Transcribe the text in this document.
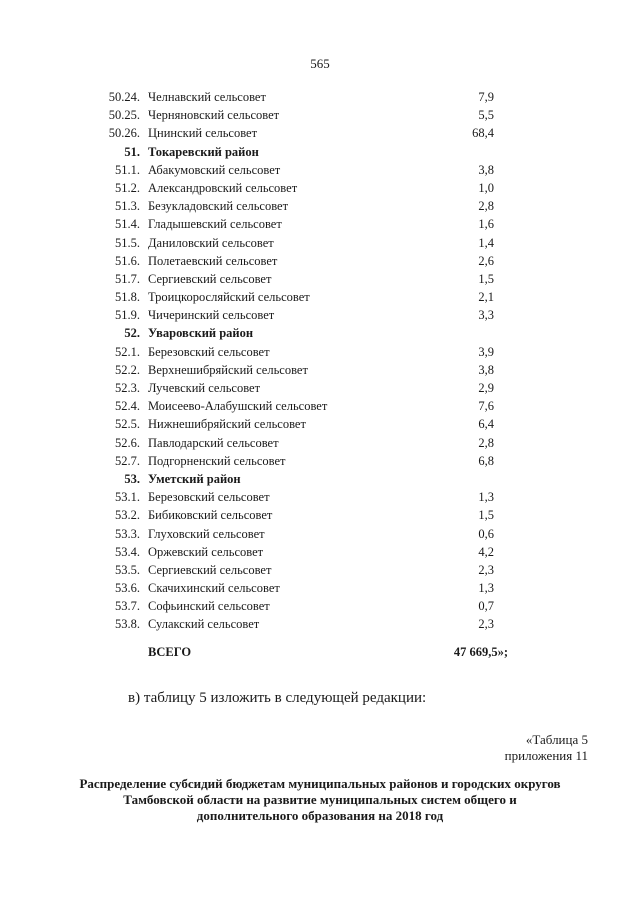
565
50.24. Челнавский сельсовет	7,9
50.25. Черняновский сельсовет	5,5
50.26. Цнинский сельсовет	68,4
51. Токаревский район
51.1. Абакумовский сельсовет	3,8
51.2. Александровский сельсовет	1,0
51.3. Безукладовский сельсовет	2,8
51.4. Гладышевский сельсовет	1,6
51.5. Даниловский сельсовет	1,4
51.6. Полетаевский сельсовет	2,6
51.7. Сергиевский сельсовет	1,5
51.8. Троицкоросляйский сельсовет	2,1
51.9. Чичеринский сельсовет	3,3
52. Уваровский район
52.1. Березовский сельсовет	3,9
52.2. Верхнешибряйский сельсовет	3,8
52.3. Лучевский сельсовет	2,9
52.4. Моисеево-Алабушский сельсовет	7,6
52.5. Нижнешибряйский сельсовет	6,4
52.6. Павлодарский сельсовет	2,8
52.7. Подгорненский сельсовет	6,8
53. Уметский район
53.1. Березовский сельсовет	1,3
53.2. Бибиковский сельсовет	1,5
53.3. Глуховский сельсовет	0,6
53.4. Оржевский сельсовет	4,2
53.5. Сергиевский сельсовет	2,3
53.6. Скачихинский сельсовет	1,3
53.7. Софьинский сельсовет	0,7
53.8. Сулакский сельсовет	2,3
ВСЕГО	47 669,5»;
в) таблицу 5 изложить в следующей редакции:
«Таблица 5
приложения 11
Распределение субсидий бюджетам муниципальных районов и городских округов
Тамбовской области на развитие муниципальных систем общего и
дополнительного образования на 2018 год
